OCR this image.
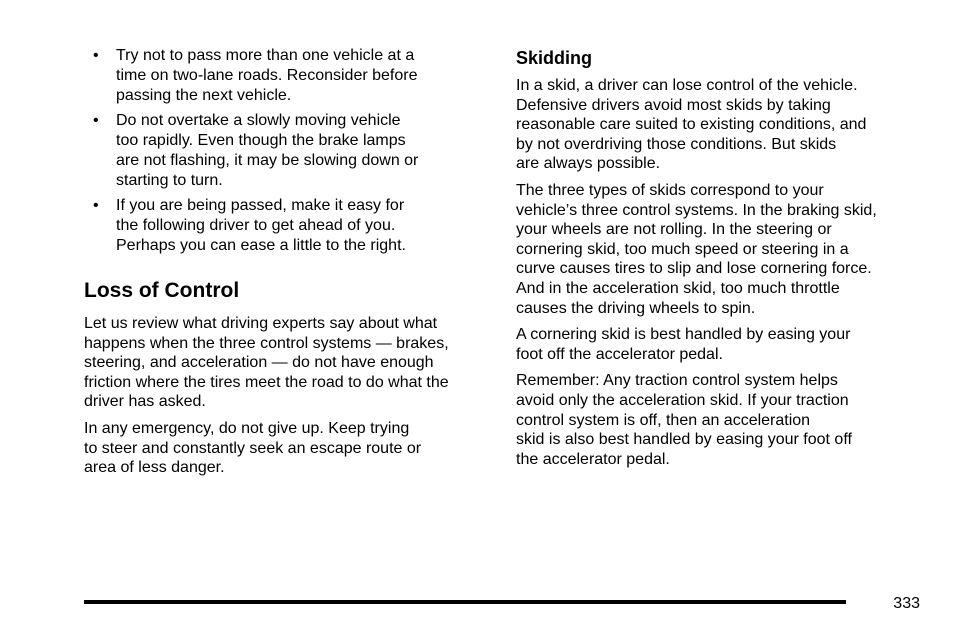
• Try not to pass more than one vehicle at a
time on two-lane roads. Reconsider before
passing the next vehicle.
• Do not overtake a slowly moving vehicle
too rapidly. Even though the brake lamps
are not flashing, it may be slowing down or
starting to turn.
• If you are being passed, make it easy for
the following driver to get ahead of you.
Perhaps you can ease a little to the right.
Loss of Control

Let us review what driving experts say about what
happens when the three control systems — brakes,
steering, and acceleration — do not have enough
friction where the tires meet the road to do what the
driver has asked.

In any emergency, do not give up. Keep trying
to steer and constantly seek an escape route or
area of less danger.

Skidding

In a skid, a driver can lose control of the vehicle.
Defensive drivers avoid most skids by taking
reasonable care suited to existing conditions, and
by not overdriving those conditions. But skids
are always possible.

The three types of skids correspond to your
vehicle’s three control systems. In the braking skid,
your wheels are not rolling. In the steering or
cornering skid, too much speed or steering in a
curve causes tires to slip and lose cornering force.
And in the acceleration skid, too much throttle
causes the driving wheels to spin.

A cornering skid is best handled by easing your
foot off the accelerator pedal.

Remember: Any traction control system helps
avoid only the acceleration skid. If your traction
control system is off, then an acceleration
skid is also best handled by easing your foot off
the accelerator pedal.

333
